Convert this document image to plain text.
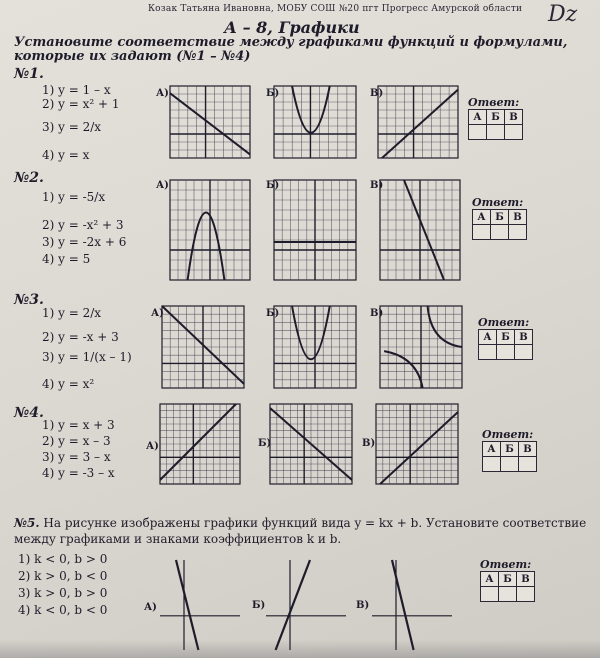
Козак Татьяна Ивановна, МОБУ СОШ №20 пгт Прогресс Амурской области Dz
А – 8, Графики
Установите соответствие между графиками функций и формулами, которые их задают (№1 – №4)
№1.
1) y = 1 – x
2) y = x² + 1
3) y = 2/x
4) y = x
№2.
1) y = -5/x
2) y = -x² + 3
3) y = -2x + 6
4) y = 5
№3.
1) y = 2/x
2) y = -x + 3
3) y = 1/(x – 1)
4) y = x²
№4.
1) y = x + 3
2) y = x – 3
3) y = 3 – x
4) y = -3 – x
№5. На рисунке изображены графики функций вида y = kx + b. Установите соответствие между графиками и знаками коэффициентов k и b.
1) k < 0, b > 0
2) k > 0, b < 0
3) k > 0, b > 0
4) k < 0, b < 0
А)	Б)	В)
А)	Б)	В)
А)	Б)	В)
А)	Б)	В)
А)	Б)	В)
Ответ:
А	Б	В

Ответ:
А	Б	В

Ответ:
А	Б	В

Ответ:
А	Б	В

Ответ:
А	Б	В
